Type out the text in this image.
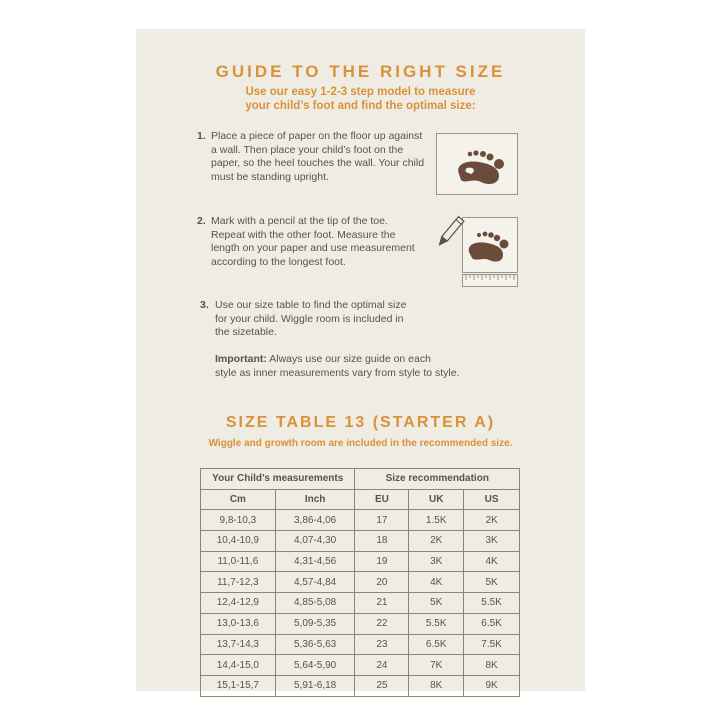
GUIDE TO THE RIGHT SIZE
Use our easy 1-2-3 step model to measure
your child’s foot and find the optimal size:
1. Place a piece of paper on the floor up against
a wall. Then place your child’s foot on the
paper, so the heel touches the wall. Your child
must be standing upright.
2. Mark with a pencil at the tip of the toe.
Repeat with the other foot. Measure the
length on your paper and use measurement
according to the longest foot.
3. Use our size table to find the optimal size
for your child. Wiggle room is included in
the sizetable.
Important: Always use our size guide on each
style as inner measurements vary from style to style.
SIZE TABLE 13 (STARTER A)
Wiggle and growth room are included in the recommended size.
Your Child’s measurements		Size recommendation		
Cm	Inch	EU	UK	US
9,8-10,3	3,86-4,06	17	1.5K	2K
10,4-10,9	4,07-4,30	18	2K	3K
11,0-11,6	4,31-4,56	19	3K	4K
11,7-12,3	4,57-4,84	20	4K	5K
12,4-12,9	4,85-5,08	21	5K	5.5K
13,0-13,6	5,09-5,35	22	5.5K	6.5K
13,7-14,3	5,36-5,63	23	6.5K	7.5K
14,4-15,0	5,64-5,90	24	7K	8K
15,1-15,7	5,91-6,18	25	8K	9K
